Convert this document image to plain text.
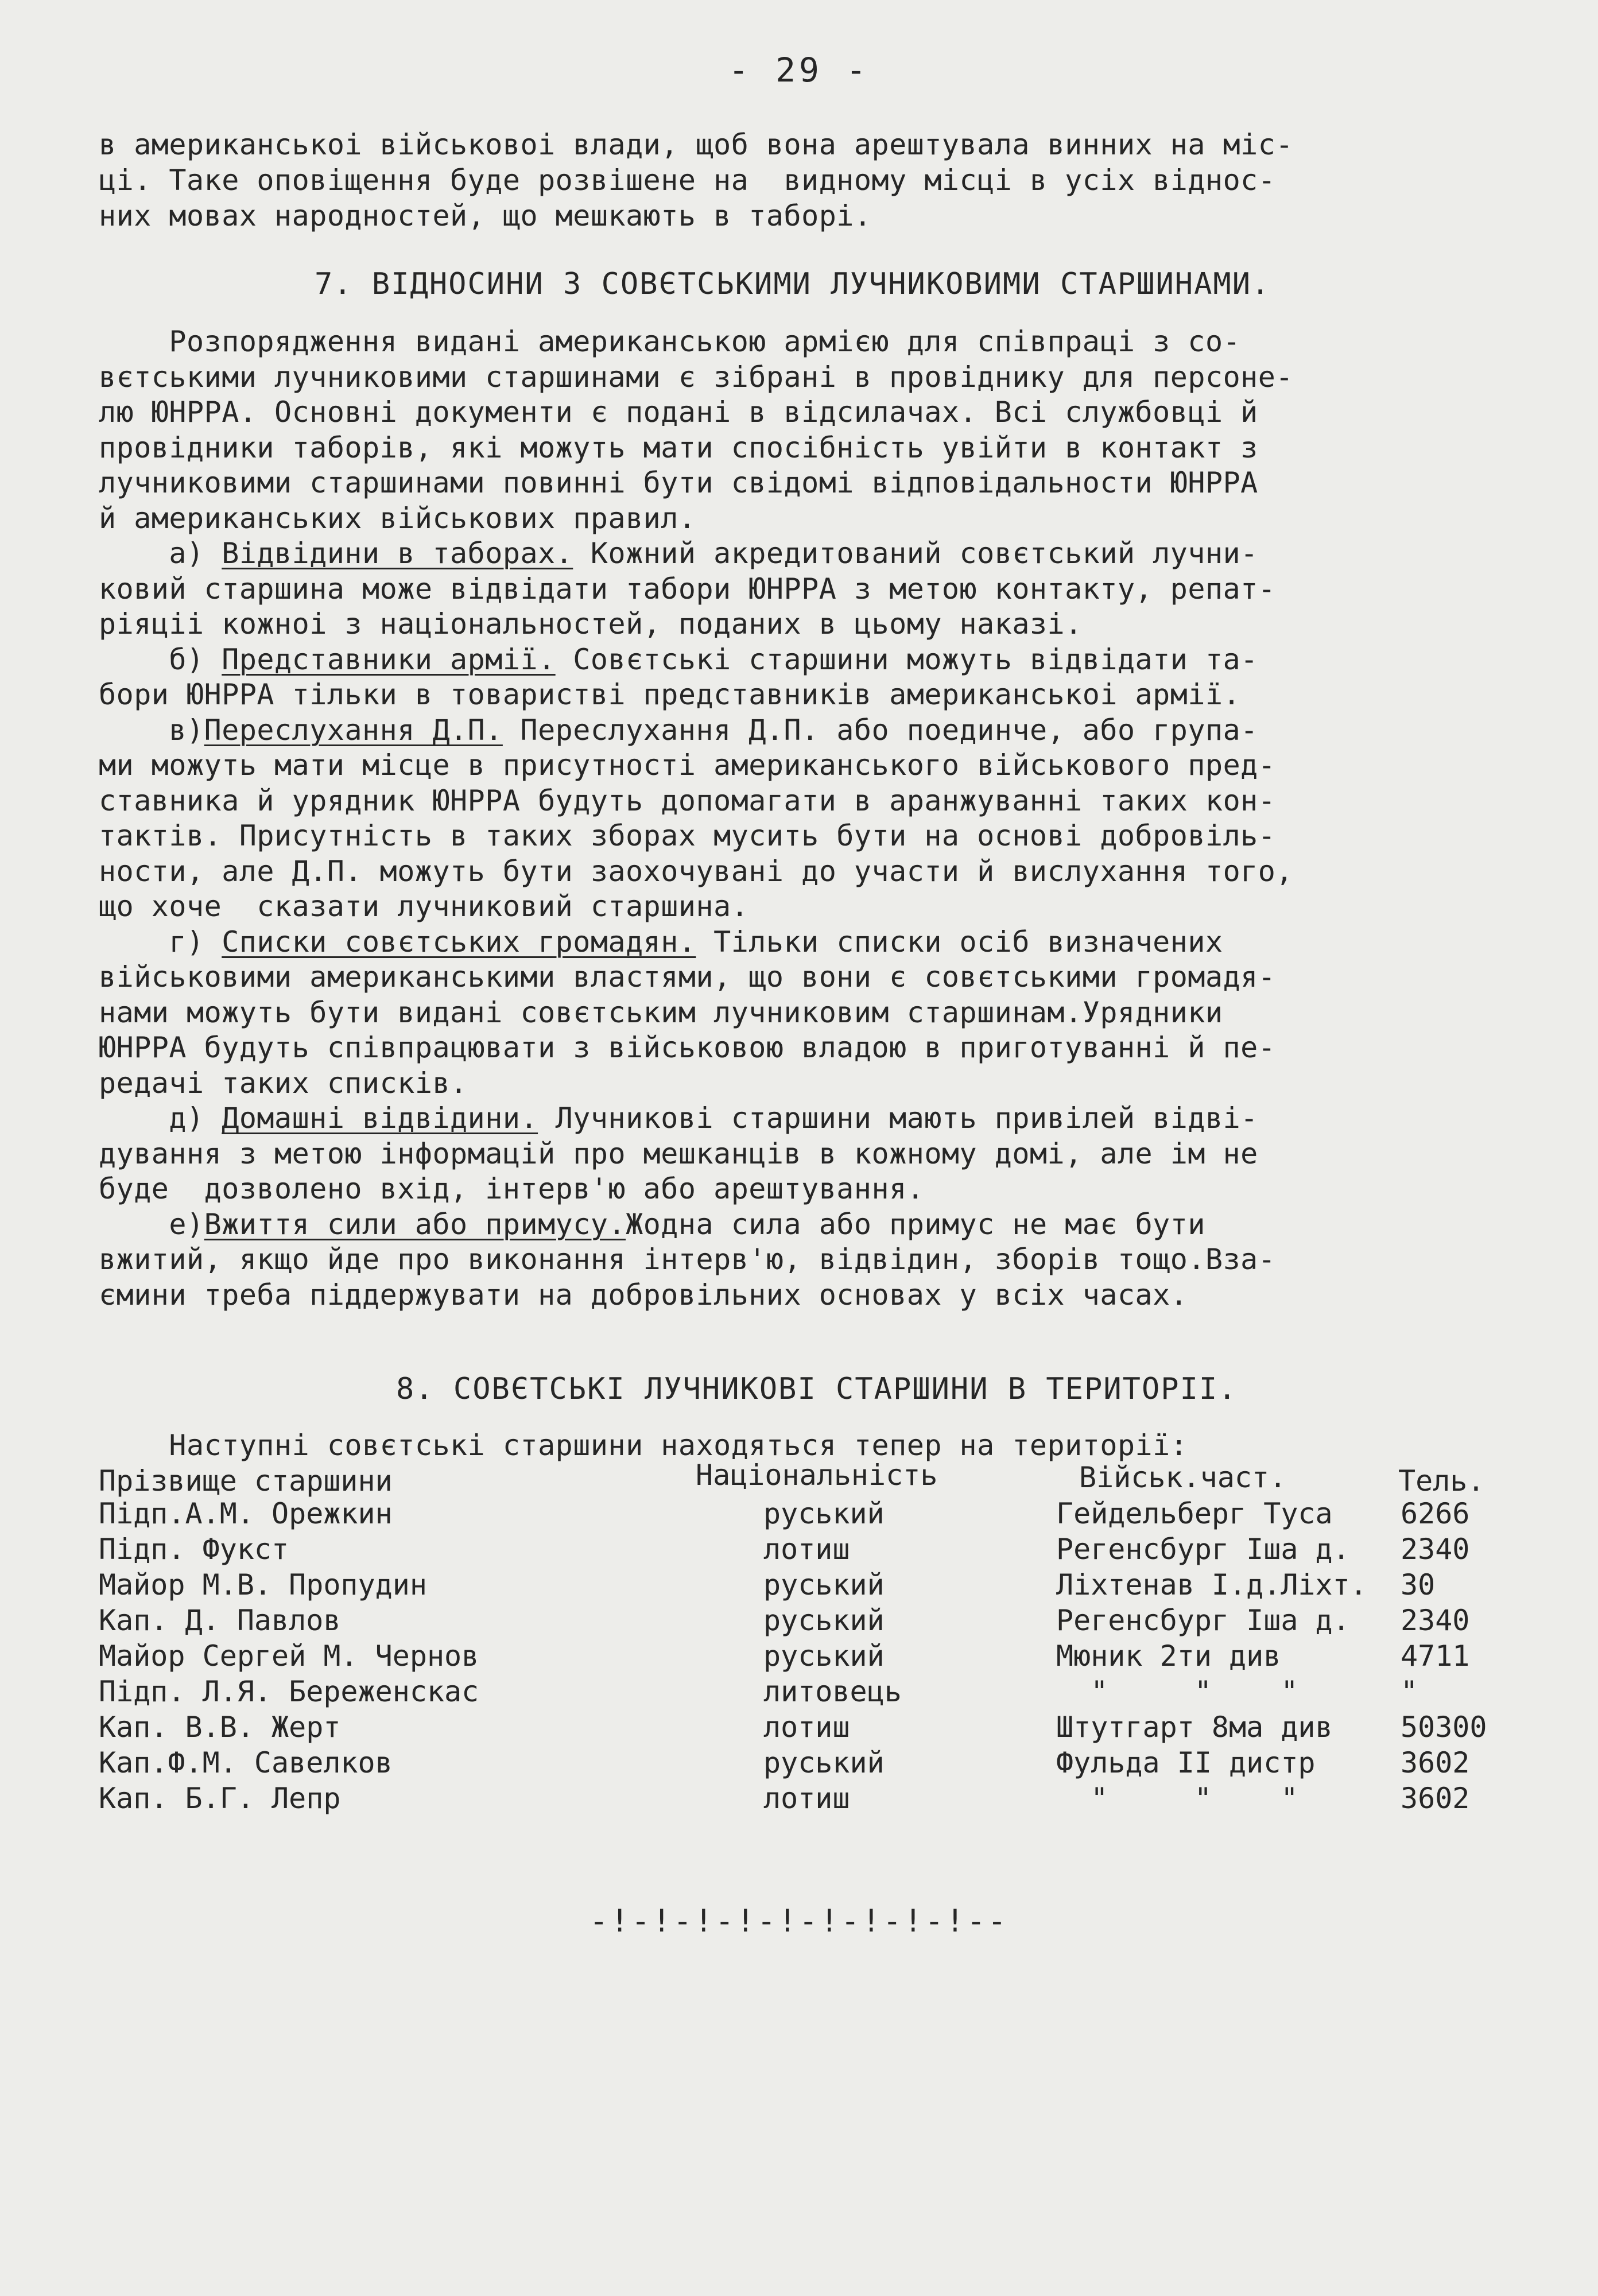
- 29 -
в американськоі військовоі влади, щоб вона арештувала винних на міс-
ці. Таке оповіщення буде розвішене на  видному місці в усіх віднос-
них мовах народностей, що мешкають в таборі.
7. ВІДНОСИНИ З СОВЄТСЬКИМИ ЛУЧНИКОВИМИ СТАРШИНАМИ.
Розпорядження видані американською армією для співпраці з со-
вєтськими лучниковими старшинами є зібрані в провіднику для персоне-
лю ЮНРРА. Основні документи є подані в відсилачах. Всі службовці й
провідники таборів, які можуть мати спосібність увійти в контакт з
лучниковими старшинами повинні бути свідомі відповідальности ЮНРРА
й американських військових правил.
а) Відвідини в таборах. Кожний акредитований совєтський лучни-
ковий старшина може відвідати табори ЮНРРА з метою контакту, репат-
ріяціі кожноі з національностей, поданих в цьому наказі.
б) Представники армії. Совєтські старшини можуть відвідати та-
бори ЮНРРА тільки в товаристві представників американськоі армії.
в)Переслухання Д.П. Переслухання Д.П. або поединче, або група-
ми можуть мати місце в присутності американського військового пред-
ставника й урядник ЮНРРА будуть допомагати в аранжуванні таких кон-
тактів. Присутність в таких зборах мусить бути на основі добровіль-
ности, але Д.П. можуть бути заохочувані до участи й вислухання того,
що хоче  сказати лучниковий старшина.
г) Списки совєтських громадян. Тільки списки осіб визначених
військовими американськими властями, що вони є совєтськими громадя-
нами можуть бути видані совєтським лучниковим старшинам.Урядники
ЮНРРА будуть співпрацювати з військовою владою в приготуванні й пе-
редачі таких списків.
д) Домашні відвідини. Лучникові старшини мають привілей відві-
дування з метою інформацій про мешканців в кожному домі, але ім не
буде  дозволено вхід, інтерв'ю або арештування.
е)Вжиття сили або примусу.Жодна сила або примус не має бути
вжитий, якщо йде про виконання інтерв'ю, відвідин, зборів тощо.Вза-
ємини треба піддержувати на добровільних основах у всіх часах.
8. СОВЄТСЬКІ ЛУЧНИКОВІ СТАРШИНИ В ТЕРИТОРІІ.
Наступні совєтські старшини находяться тепер на території:
Прізвище старшини	Національність	Військ.част.	Тель.
Підп.А.М. Орежкин	руський	Гейдельберг Туса 6266
Підп. Фукст	лотиш	Регенсбург Іша д. 2340
Майор М.В. Пропудин	руський	Ліхтенав І.д.Ліхт. 30
Кап. Д. Павлов	руський	Регенсбург Іша д. 2340
Майор Сергей М. Чернов	руський	Мюник 2ти див	4711
Підп. Л.Я. Береженскас	литовець	"     "    "	"
Кап. В.В. Жерт	лотиш	Штутгарт 8ма див 50300
Кап.Ф.М. Савелков	руський	Фульда ІІ дистр	3602
Кап. Б.Г. Лепр	лотиш	"     "    "	3602
-!-!-!-!-!-!-!-!-!--
